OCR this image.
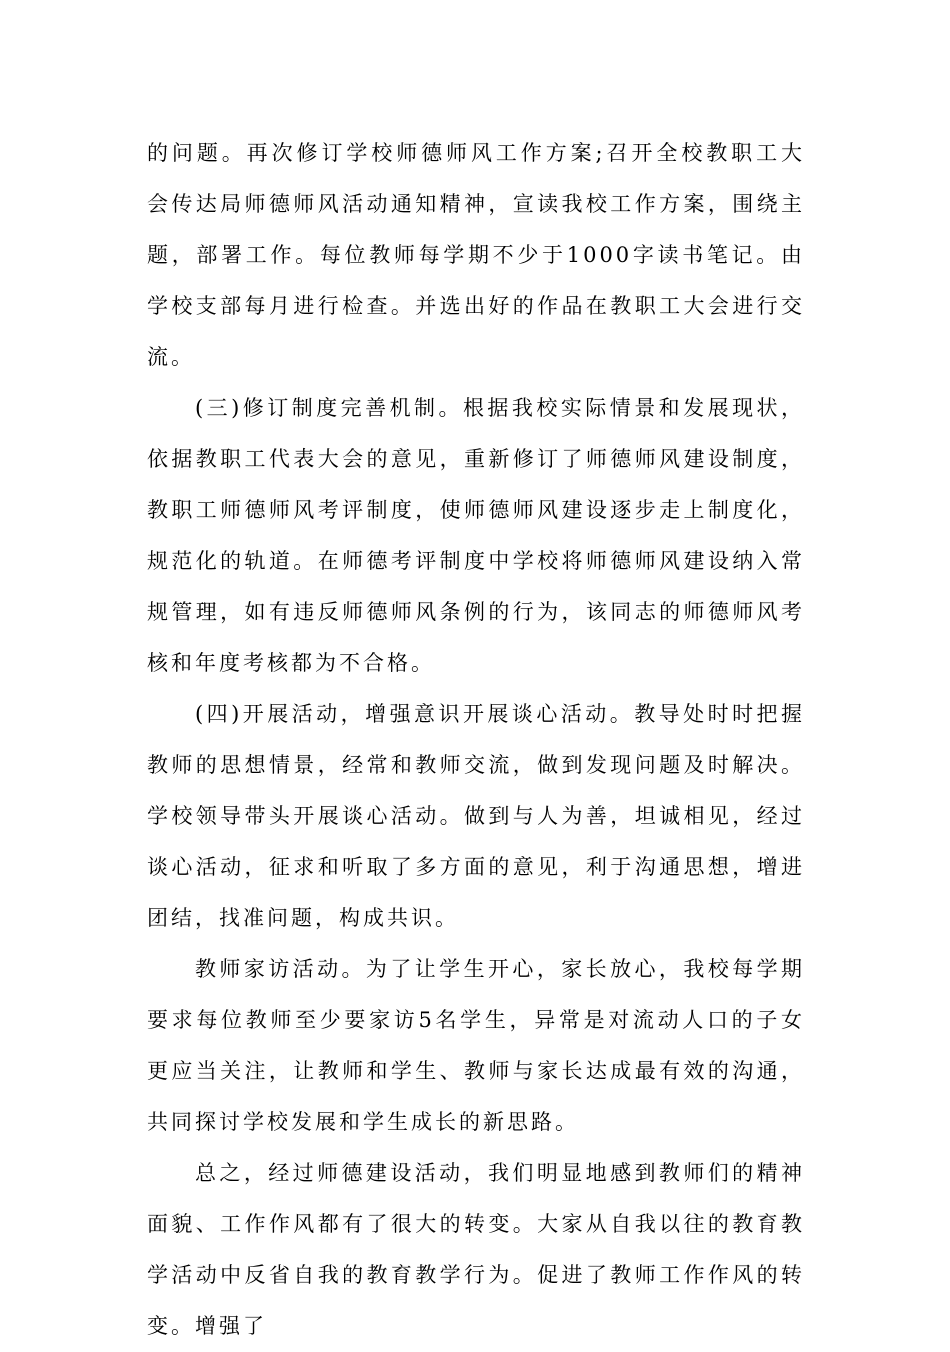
的问题。再次修订学校师德师风工作方案;召开全校教职工大会传达局师德师风活动通知精神，宣读我校工作方案，围绕主题，部署工作。每位教师每学期不少于1000字读书笔记。由学校支部每月进行检查。并选出好的作品在教职工大会进行交流。

(三)修订制度完善机制。根据我校实际情景和发展现状，依据教职工代表大会的意见，重新修订了师德师风建设制度，教职工师德师风考评制度，使师德师风建设逐步走上制度化，规范化的轨道。在师德考评制度中学校将师德师风建设纳入常规管理，如有违反师德师风条例的行为，该同志的师德师风考核和年度考核都为不合格。

(四)开展活动，增强意识开展谈心活动。教导处时时把握教师的思想情景，经常和教师交流，做到发现问题及时解决。学校领导带头开展谈心活动。做到与人为善，坦诚相见，经过谈心活动，征求和听取了多方面的意见，利于沟通思想，增进团结，找准问题，构成共识。

教师家访活动。为了让学生开心，家长放心，我校每学期要求每位教师至少要家访5名学生，异常是对流动人口的子女更应当关注，让教师和学生、教师与家长达成最有效的沟通，共同探讨学校发展和学生成长的新思路。

总之，经过师德建设活动，我们明显地感到教师们的精神面貌、工作作风都有了很大的转变。大家从自我以往的教育教学活动中反省自我的教育教学行为。促进了教师工作作风的转变。增强了
